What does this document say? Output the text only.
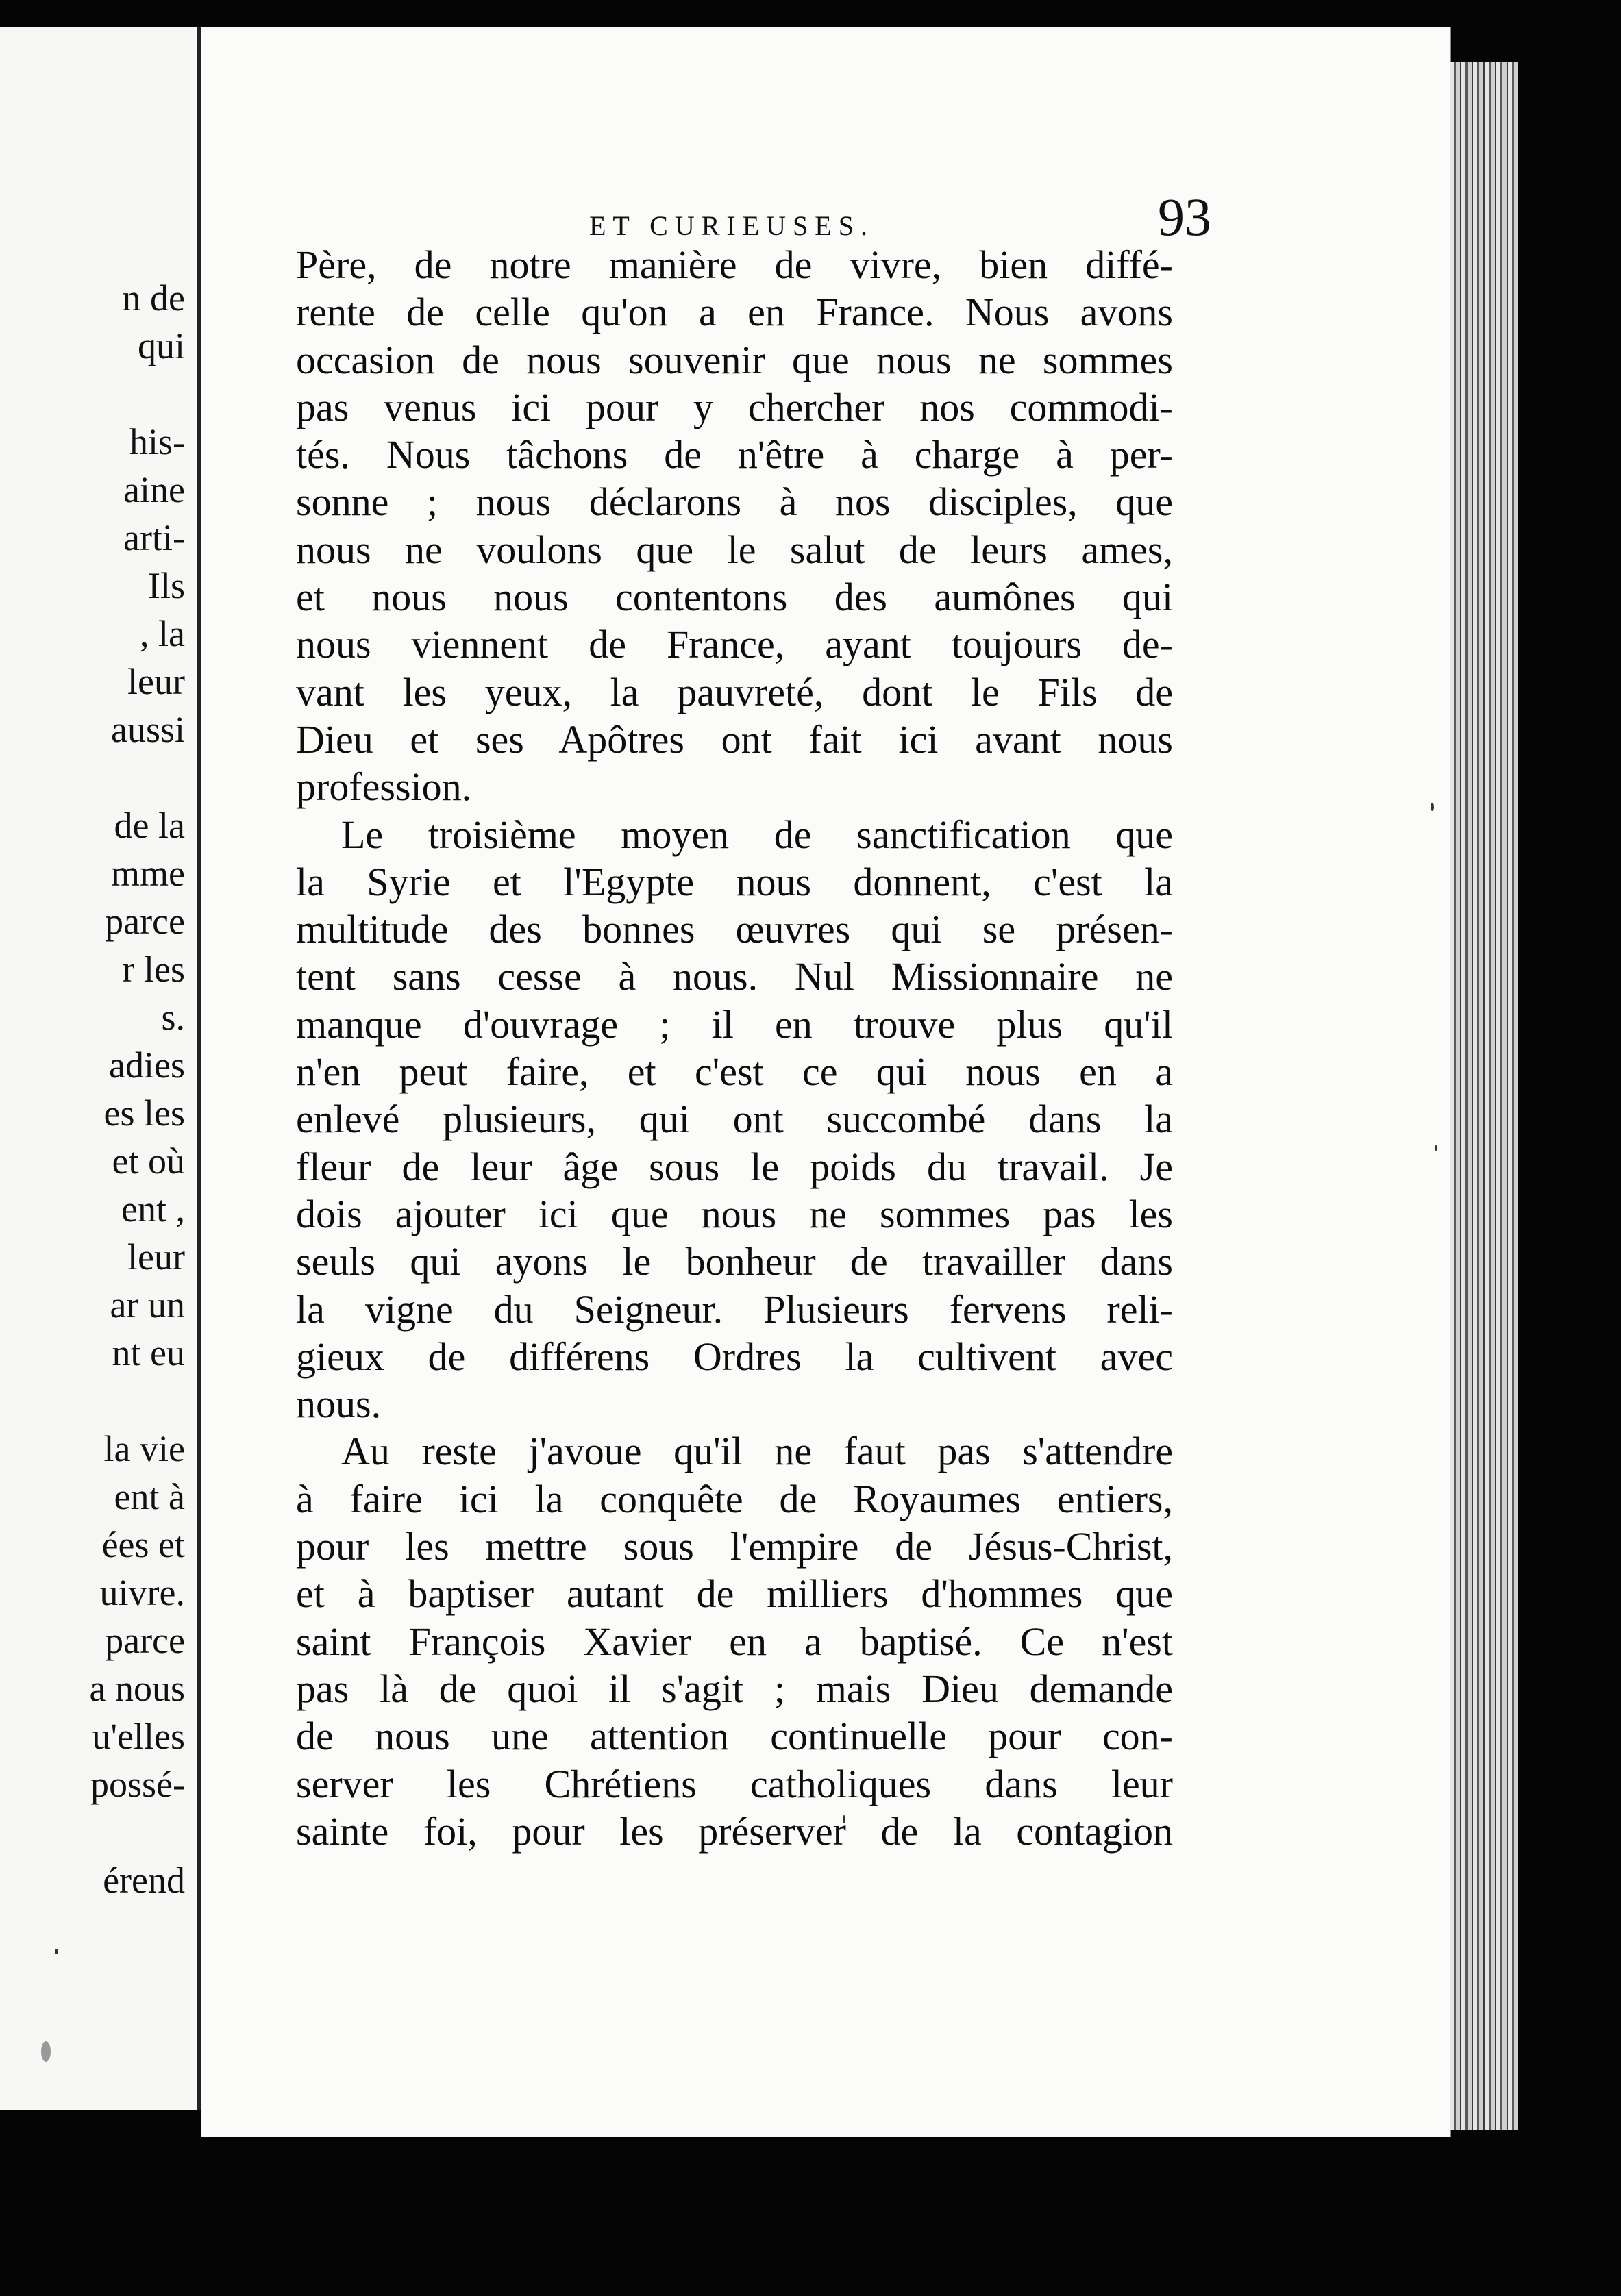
n de
qui
his-
aine
arti-
Ils
, la
leur
aussi
de la
mme
parce
r les
s.
adies
es les
et où
ent ,
leur
ar un
nt eu
la vie
ent à
ées et
uivre.
parce
a nous
u'elles
possé-
érend
ET CURIEUSES.	93
Père, de notre manière de vivre, bien diffé-
rente de celle qu'on a en France. Nous avons
occasion de nous souvenir que nous ne sommes
pas venus ici pour y chercher nos commodi-
tés. Nous tâchons de n'être à charge à per-
sonne ; nous déclarons à nos disciples, que
nous ne voulons que le salut de leurs ames,
et nous nous contentons des aumônes qui
nous viennent de France, ayant toujours de-
vant les yeux, la pauvreté, dont le Fils de
Dieu et ses Apôtres ont fait ici avant nous
profession.
Le troisième moyen de sanctification que
la Syrie et l'Egypte nous donnent, c'est la
multitude des bonnes œuvres qui se présen-
tent sans cesse à nous. Nul Missionnaire ne
manque d'ouvrage ; il en trouve plus qu'il
n'en peut faire, et c'est ce qui nous en a
enlevé plusieurs, qui ont succombé dans la
fleur de leur âge sous le poids du travail. Je
dois ajouter ici que nous ne sommes pas les
seuls qui ayons le bonheur de travailler dans
la vigne du Seigneur. Plusieurs fervens reli-
gieux de différens Ordres la cultivent avec
nous.
Au reste j'avoue qu'il ne faut pas s'attendre
à faire ici la conquête de Royaumes entiers,
pour les mettre sous l'empire de Jésus-Christ,
et à baptiser autant de milliers d'hommes que
saint François Xavier en a baptisé. Ce n'est
pas là de quoi il s'agit ; mais Dieu demande
de nous une attention continuelle pour con-
server les Chrétiens catholiques dans leur
sainte foi, pour les préserver de la contagion
